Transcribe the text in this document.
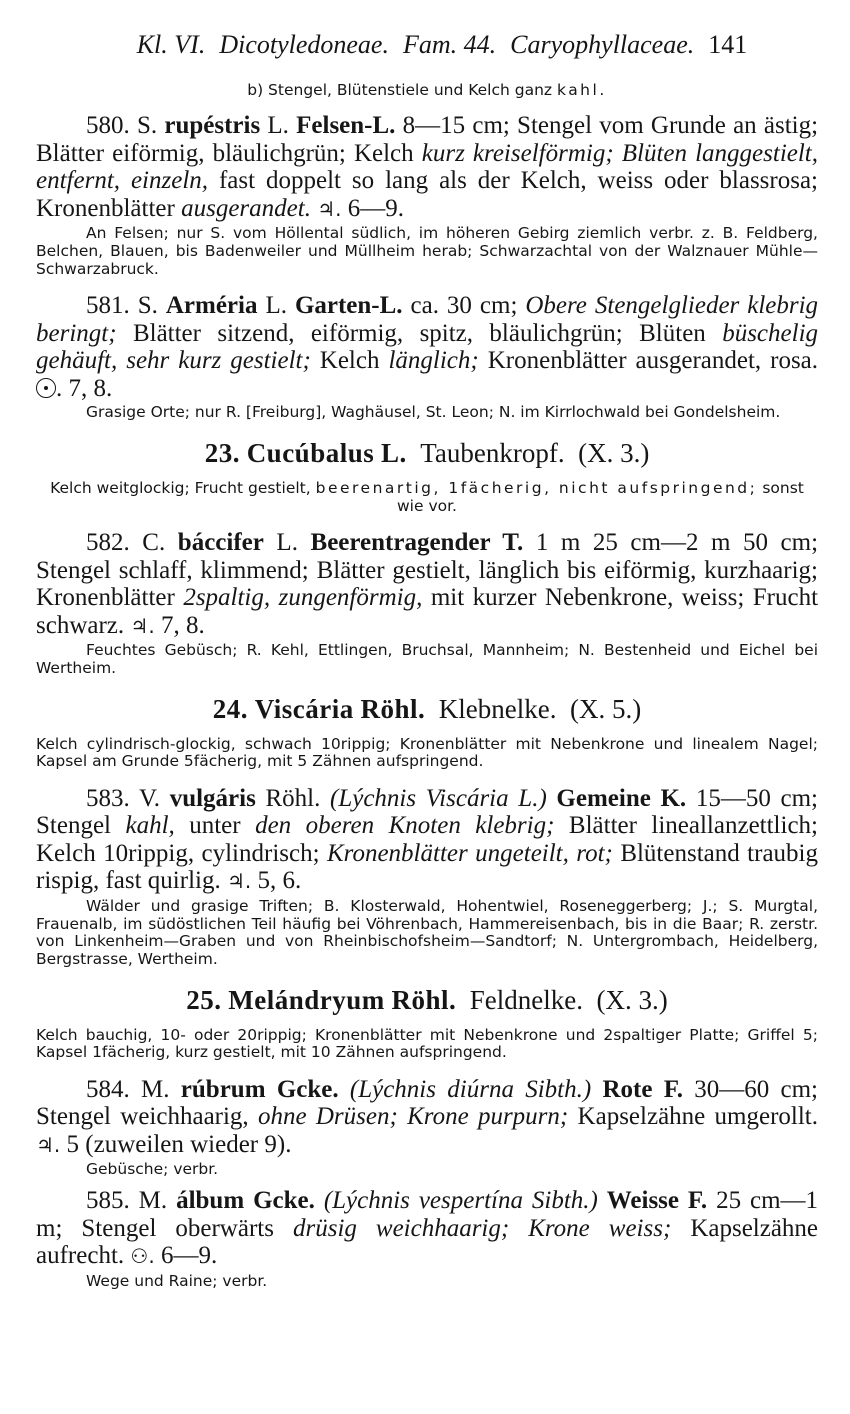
Kl. VI. Dicotyledoneae. Fam. 44. Caryophyllaceae. 141

b) Stengel, Blütenstiele und Kelch ganz kahl.

580. S. rupéstris L. Felsen-L. 8—15 cm; Stengel vom Grunde an ästig; Blätter eiförmig, bläulichgrün; Kelch kurz kreiselförmig; Blüten langgestielt, entfernt, einzeln, fast doppelt so lang als der Kelch, weiss oder blassrosa; Kronenblätter ausgerandet. ♃. 6—9.

An Felsen; nur S. vom Höllental südlich, im höheren Gebirg ziemlich verbr. z. B. Feldberg, Belchen, Blauen, bis Badenweiler und Müllheim herab; Schwarzachtal von der Walznauer Mühle—Schwarzabruck.

581. S. Arméria L. Garten-L. ca. 30 cm; Obere Stengelglieder klebrig beringt; Blätter sitzend, eiförmig, spitz, bläulichgrün; Blüten büschelig gehäuft, sehr kurz gestielt; Kelch länglich; Kronenblätter ausgerandet, rosa. . 7, 8.

Grasige Orte; nur R. [Freiburg], Waghäusel, St. Leon; N. im Kirrlochwald bei Gondelsheim.

23. Cucúbalus L. Taubenkropf. (X. 3.)

Kelch weitglockig; Frucht gestielt, beerenartig, 1fächerig, nicht aufspringend; sonst wie vor.

582. C. báccifer L. Beerentragender T. 1 m 25 cm—2 m 50 cm; Stengel schlaff, klimmend; Blätter gestielt, länglich bis eiförmig, kurzhaarig; Kronenblätter 2spaltig, zungenförmig, mit kurzer Nebenkrone, weiss; Frucht schwarz. ♃. 7, 8.

Feuchtes Gebüsch; R. Kehl, Ettlingen, Bruchsal, Mannheim; N. Bestenheid und Eichel bei Wertheim.

24. Viscária Röhl. Klebnelke. (X. 5.)

Kelch cylindrisch-glockig, schwach 10rippig; Kronenblätter mit Nebenkrone und linealem Nagel; Kapsel am Grunde 5fächerig, mit 5 Zähnen aufspringend.

583. V. vulgáris Röhl. (Lýchnis Viscária L.) Gemeine K. 15—50 cm; Stengel kahl, unter den oberen Knoten klebrig; Blätter lineallanzettlich; Kelch 10rippig, cylindrisch; Kronenblätter ungeteilt, rot; Blütenstand traubig rispig, fast quirlig. ♃. 5, 6.

Wälder und grasige Triften; B. Klosterwald, Hohentwiel, Roseneggerberg; J.; S. Murgtal, Frauenalb, im südöstlichen Teil häufig bei Vöhrenbach, Hammereisenbach, bis in die Baar; R. zerstr. von Linkenheim—Graben und von Rheinbischofsheim—Sandtorf; N. Untergrombach, Heidelberg, Bergstrasse, Wertheim.

25. Melándryum Röhl. Feldnelke. (X. 3.)

Kelch bauchig, 10- oder 20rippig; Kronenblätter mit Nebenkrone und 2spaltiger Platte; Griffel 5; Kapsel 1fächerig, kurz gestielt, mit 10 Zähnen aufspringend.

584. M. rúbrum Gcke. (Lýchnis diúrna Sibth.) Rote F. 30—60 cm; Stengel weichhaarig, ohne Drüsen; Krone purpurn; Kapselzähne umgerollt. ♃. 5 (zuweilen wieder 9).

Gebüsche; verbr.

585. M. álbum Gcke. (Lýchnis vespertína Sibth.) Weisse F. 25 cm—1 m; Stengel oberwärts drüsig weichhaarig; Krone weiss; Kapselzähne aufrecht. ⚇. 6—9.

Wege und Raine; verbr.
